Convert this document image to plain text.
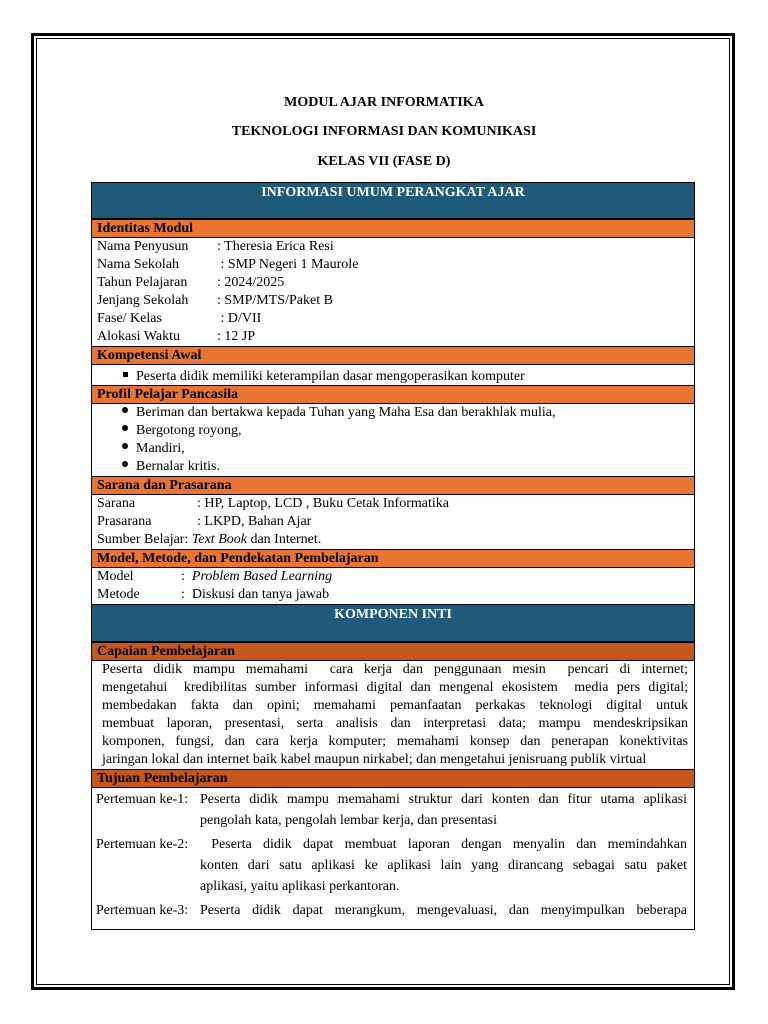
MODUL AJAR INFORMATIKA
TEKNOLOGI INFORMASI DAN KOMUNIKASI
KELAS VII (FASE D)
INFORMASI UMUM PERANGKAT AJAR
Identitas Modul
Nama Penyusun	: Theresia Erica Resi
Nama Sekolah	: SMP Negeri 1 Maurole
Tahun Pelajaran	: 2024/2025
Jenjang Sekolah	: SMP/MTS/Paket B
Fase/ Kelas	: D/VII
Alokasi Waktu	: 12 JP
Kompetensi Awal
Peserta didik memiliki keterampilan dasar mengoperasikan komputer
Profil Pelajar Pancasila
Beriman dan bertakwa kepada Tuhan yang Maha Esa dan berakhlak mulia,
Bergotong royong,
Mandiri,
Bernalar kritis.
Sarana dan Prasarana
Sarana	: HP, Laptop, LCD , Buku Cetak Informatika
Prasarana	: LKPD, Bahan Ajar
Sumber Belajar : Text Book dan Internet.
Model, Metode, dan Pendekatan Pembelajaran
Model	: Problem Based Learning
Metode	:  Diskusi dan tanya jawab
KOMPONEN INTI
Capaian Pembelajaran
Peserta didik mampu memahami  cara kerja dan penggunaan mesin  pencari di internet;
mengetahui  kredibilitas sumber informasi digital dan mengenal ekosistem  media pers digital;
membedakan fakta dan opini; memahami pemanfaatan perkakas teknologi digital untuk
membuat laporan, presentasi, serta analisis dan interpretasi data; mampu mendeskripsikan
komponen, fungsi, dan cara kerja komputer; memahami konsep dan penerapan konektivitas
jaringan lokal dan internet baik kabel maupun nirkabel; dan mengetahui jenisruang publik virtual
Tujuan Pembelajaran
Pertemuan ke-1: Peserta didik mampu memahami struktur dari konten dan fitur utama aplikasi
pengolah kata, pengolah lembar kerja, dan presentasi
Pertemuan ke-2: Peserta didik dapat membuat laporan dengan menyalin dan memindahkan
konten dari satu aplikasi ke aplikasi lain yang dirancang sebagai satu paket
aplikasi, yaitu aplikasi perkantoran.
Pertemuan ke-3: Peserta didik dapat merangkum, mengevaluasi, dan menyimpulkan beberapa
